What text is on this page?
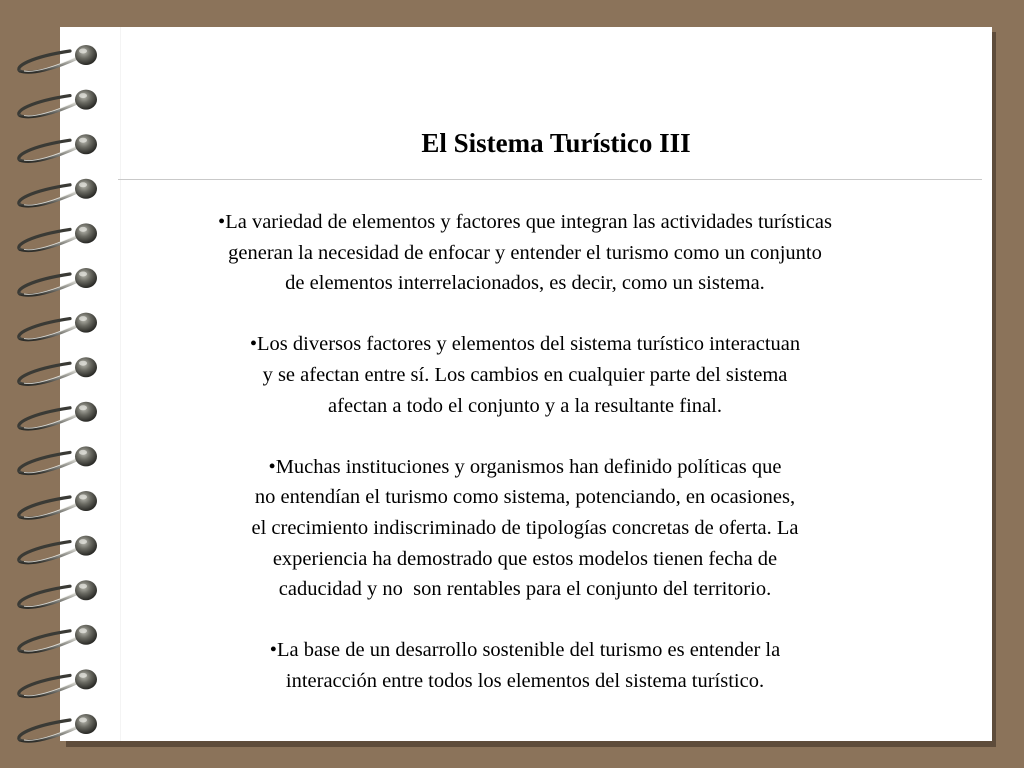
El Sistema Turístico III

•La variedad de elementos y factores que integran las actividades turísticas
generan la necesidad de enfocar y entender el turismo como un conjunto
de elementos interrelacionados, es decir, como un sistema.

•Los diversos factores y elementos del sistema turístico interactuan
y se afectan entre sí. Los cambios en cualquier parte del sistema
afectan a todo el conjunto y a la resultante final.

•Muchas instituciones y organismos han definido políticas que
no entendían el turismo como sistema, potenciando, en ocasiones,
el crecimiento indiscriminado de tipologías concretas de oferta. La
experiencia ha demostrado que estos modelos tienen fecha de
caducidad y no  son rentables para el conjunto del territorio.

•La base de un desarrollo sostenible del turismo es entender la
interacción entre todos los elementos del sistema turístico.
